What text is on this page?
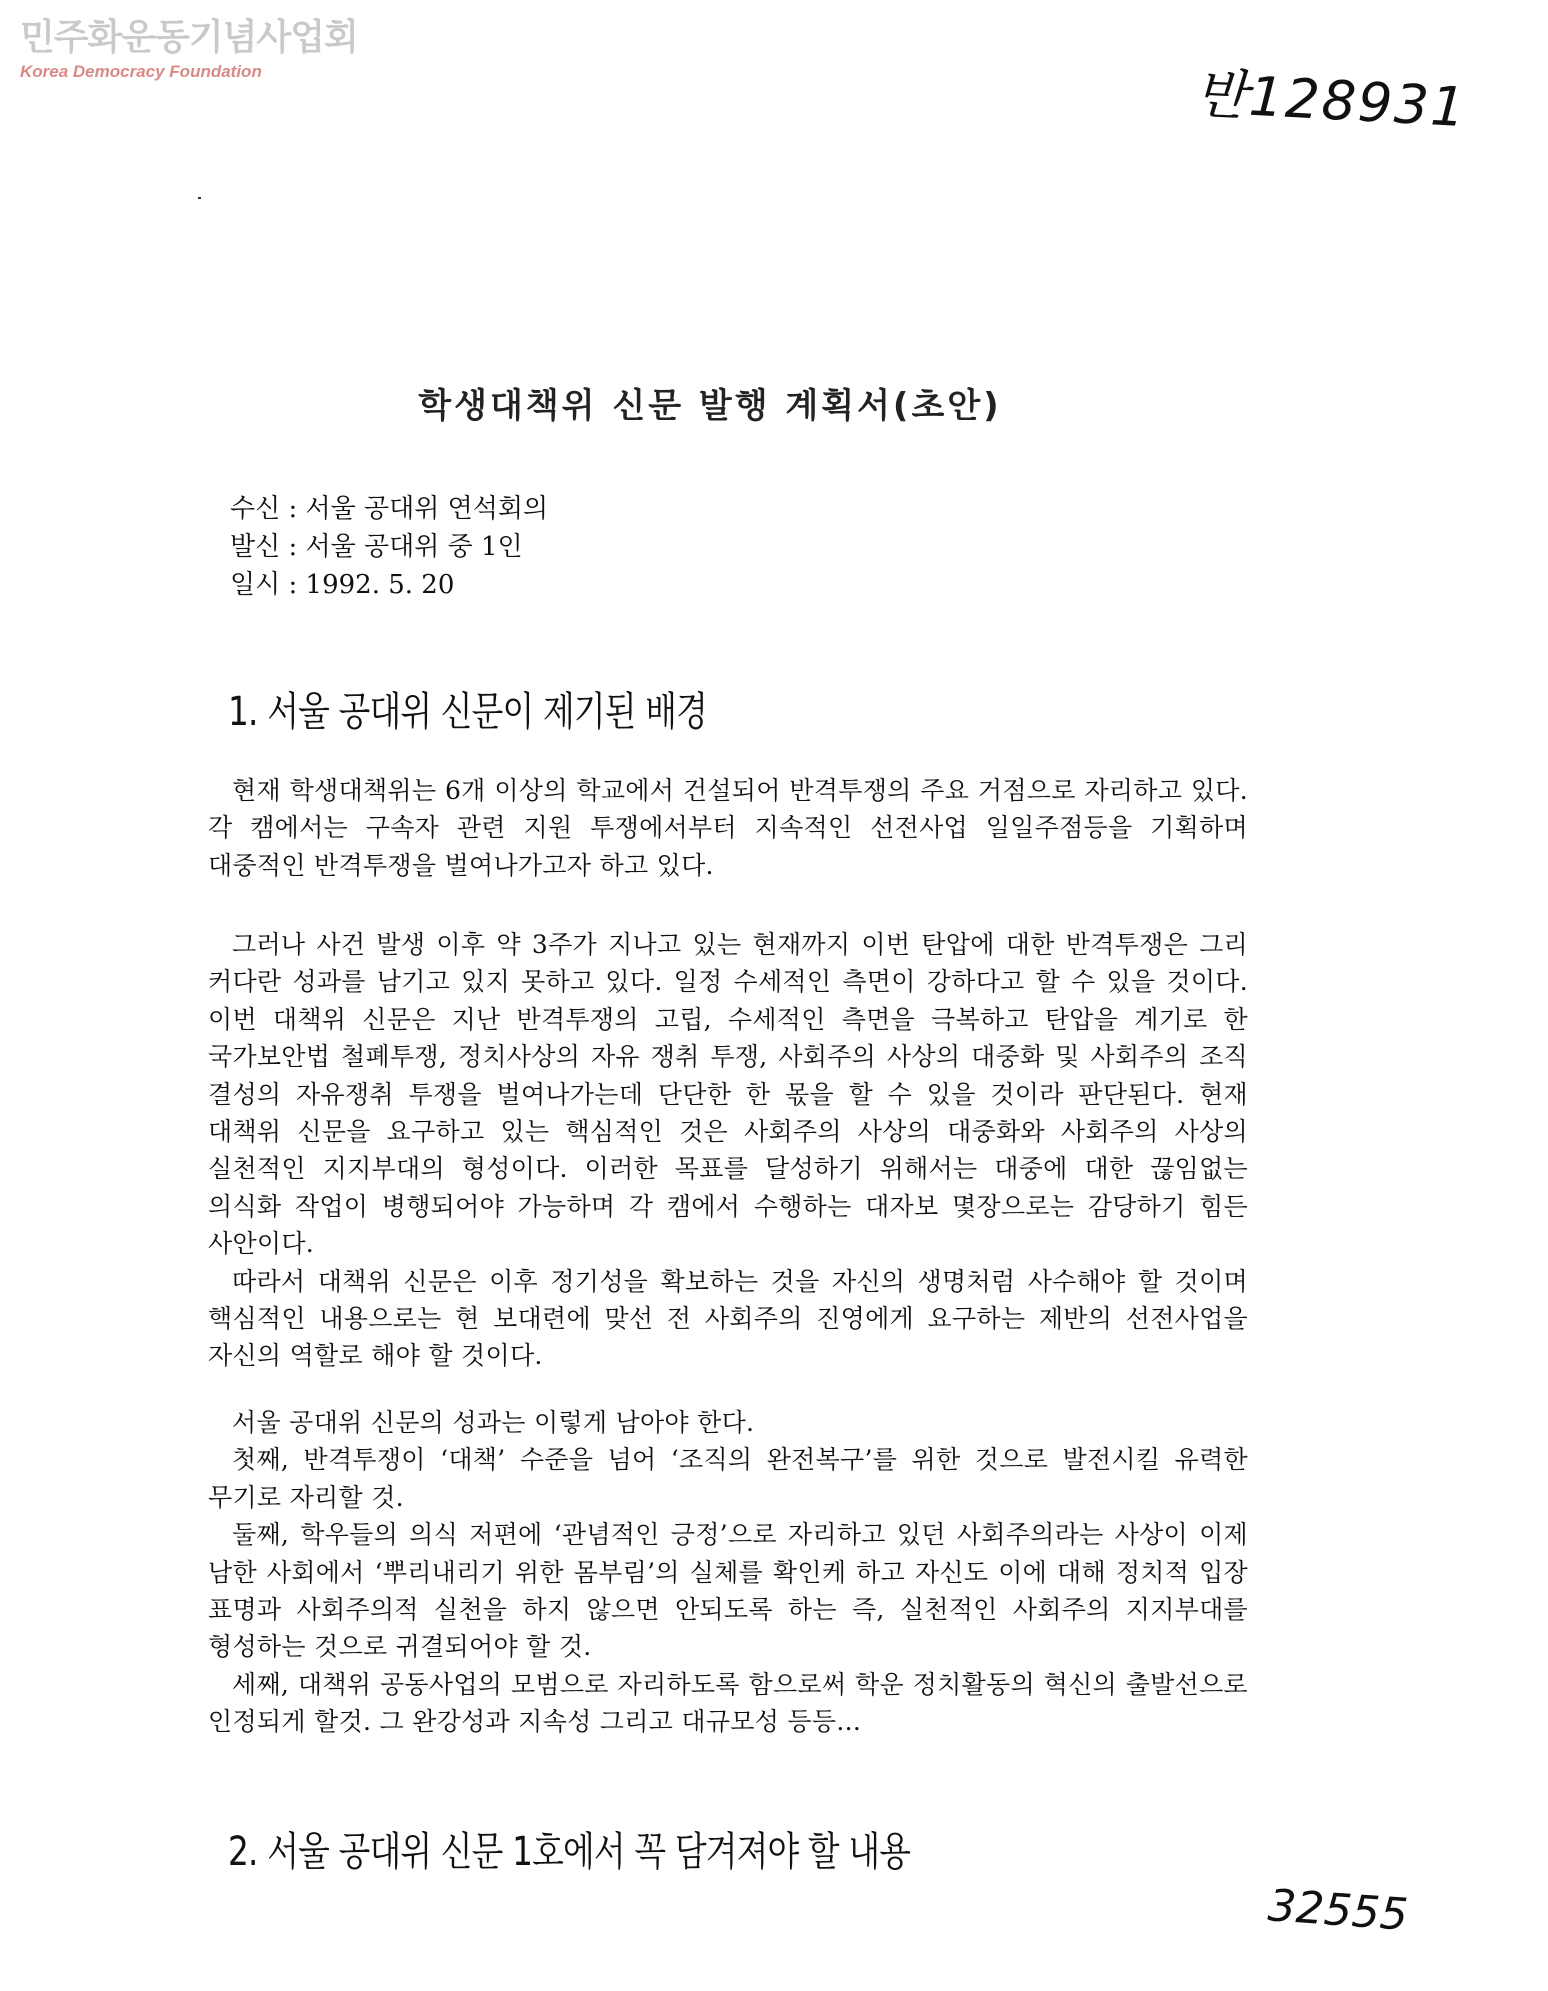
민주화운동기념사업회
Korea Democracy Foundation	반128931
학생대책위 신문 발행 계획서(초안)
수신 : 서울 공대위 연석회의
발신 : 서울 공대위 중 1인
일시 : 1992. 5. 20
1. 서울 공대위 신문이 제기된 배경

현재 학생대책위는 6개 이상의 학교에서 건설되어 반격투쟁의 주요 거점으로 자리하고 있다. 각 캠에서는 구속자 관련 지원 투쟁에서부터 지속적인 선전사업 일일주점등을 기획하며 대중적인 반격투쟁을 벌여나가고자 하고 있다.

그러나 사건 발생 이후 약 3주가 지나고 있는 현재까지 이번 탄압에 대한 반격투쟁은 그리 커다란 성과를 남기고 있지 못하고 있다. 일정 수세적인 측면이 강하다고 할 수 있을 것이다. 이번 대책위 신문은 지난 반격투쟁의 고립, 수세적인 측면을 극복하고 탄압을 계기로 한 국가보안법 철폐투쟁, 정치사상의 자유 쟁취 투쟁, 사회주의 사상의 대중화 및 사회주의 조직 결성의 자유쟁취 투쟁을 벌여나가는데 단단한 한 몫을 할 수 있을 것이라 판단된다. 현재 대책위 신문을 요구하고 있는 핵심적인 것은 사회주의 사상의 대중화와 사회주의 사상의 실천적인 지지부대의 형성이다. 이러한 목표를 달성하기 위해서는 대중에 대한 끊임없는 의식화 작업이 병행되어야 가능하며 각 캠에서 수행하는 대자보 몇장으로는 감당하기 힘든 사안이다.

따라서 대책위 신문은 이후 정기성을 확보하는 것을 자신의 생명처럼 사수해야 할 것이며 핵심적인 내용으로는 현 보대련에 맞선 전 사회주의 진영에게 요구하는 제반의 선전사업을 자신의 역할로 해야 할 것이다.

서울 공대위 신문의 성과는 이렇게 남아야 한다.

첫째, 반격투쟁이 ‘대책’ 수준을 넘어 ‘조직의 완전복구’를 위한 것으로 발전시킬 유력한 무기로 자리할 것.

둘째, 학우들의 의식 저편에 ‘관념적인 긍정’으로 자리하고 있던 사회주의라는 사상이 이제 남한 사회에서 ‘뿌리내리기 위한 몸부림’의 실체를 확인케 하고 자신도 이에 대해 정치적 입장 표명과 사회주의적 실천을 하지 않으면 안되도록 하는 즉, 실천적인 사회주의 지지부대를 형성하는 것으로 귀결되어야 할 것.

세째, 대책위 공동사업의 모범으로 자리하도록 함으로써 학운 정치활동의 혁신의 출발선으로 인정되게 할것. 그 완강성과 지속성 그리고 대규모성 등등...

2. 서울 공대위 신문 1호에서 꼭 담겨져야 할 내용
32555
